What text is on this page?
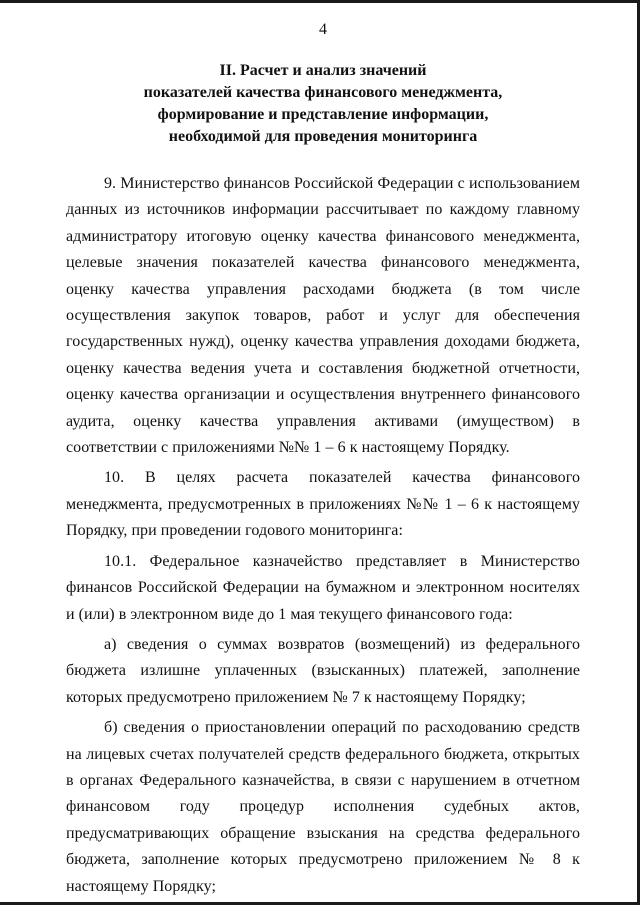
4
II. Расчет и анализ значений
показателей качества финансового менеджмента,
формирование и представление информации,
необходимой для проведения мониторинга

9. Министерство финансов Российской Федерации с использованием данных из источников информации рассчитывает по каждому главному администратору итоговую оценку качества финансового менеджмента, целевые значения показателей качества финансового менеджмента, оценку качества управления расходами бюджета (в том числе осуществления закупок товаров, работ и услуг для обеспечения государственных нужд), оценку качества управления доходами бюджета, оценку качества ведения учета и составления бюджетной отчетности, оценку качества организации и осуществления внутреннего финансового аудита, оценку качества управления активами (имуществом) в соответствии с приложениями №№ 1 – 6 к настоящему Порядку.

10. В целях расчета показателей качества финансового менеджмента, предусмотренных в приложениях №№ 1 – 6 к настоящему Порядку, при проведении годового мониторинга:

10.1. Федеральное казначейство представляет в Министерство финансов Российской Федерации на бумажном и электронном носителях и (или) в электронном виде до 1 мая текущего финансового года:

а) сведения о суммах возвратов (возмещений) из федерального бюджета излишне уплаченных (взысканных) платежей, заполнение которых предусмотрено приложением № 7 к настоящему Порядку;

б) сведения о приостановлении операций по расходованию средств на лицевых счетах получателей средств федерального бюджета, открытых в органах Федерального казначейства, в связи с нарушением в отчетном финансовом году процедур исполнения судебных актов, предусматривающих обращение взыскания на средства федерального бюджета, заполнение которых предусмотрено приложением № 8 к настоящему Порядку;
